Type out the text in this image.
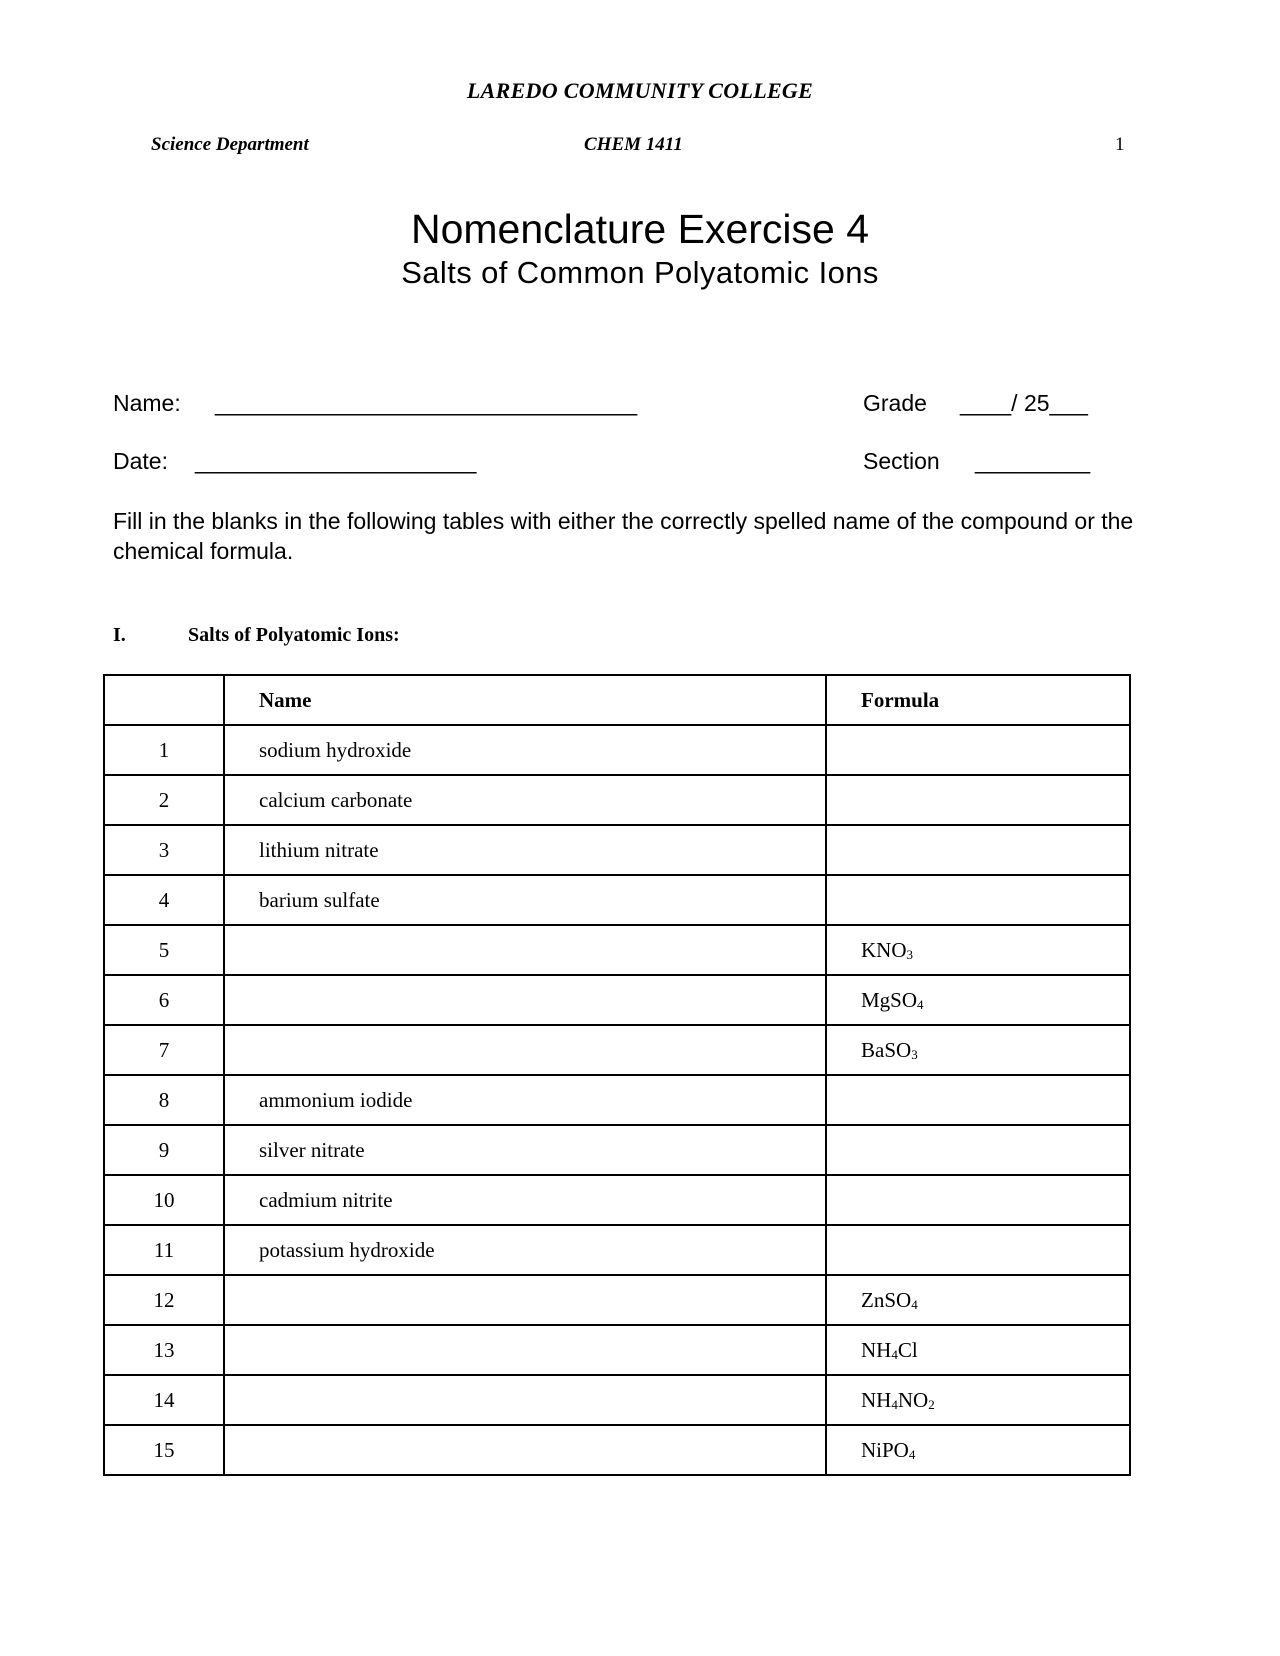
LAREDO COMMUNITY COLLEGE
Science Department	CHEM 1411	1
Nomenclature Exercise 4
Salts of Common Polyatomic Ions
Name: _________________________________	Grade ____/ 25___
Date: ______________________	Section _________
Fill in the blanks in the following tables with either the correctly spelled name of the compound or the chemical formula.
I.	Salts of Polyatomic Ions:
	Name	Formula
1	sodium hydroxide	
2	calcium carbonate	
3	lithium nitrate	
4	barium sulfate	
5		$KNO_3$
6		MgSO$_4$
7		BaSO$_3$
8	ammonium iodide	
9	silver nitrate	
10	cadmium nitrite	
11	potassium hydroxide	
12		ZnSO$_4$
13		$NH_4Cl$
14		$NH_4NO_2$
15		NiPO$_4$
